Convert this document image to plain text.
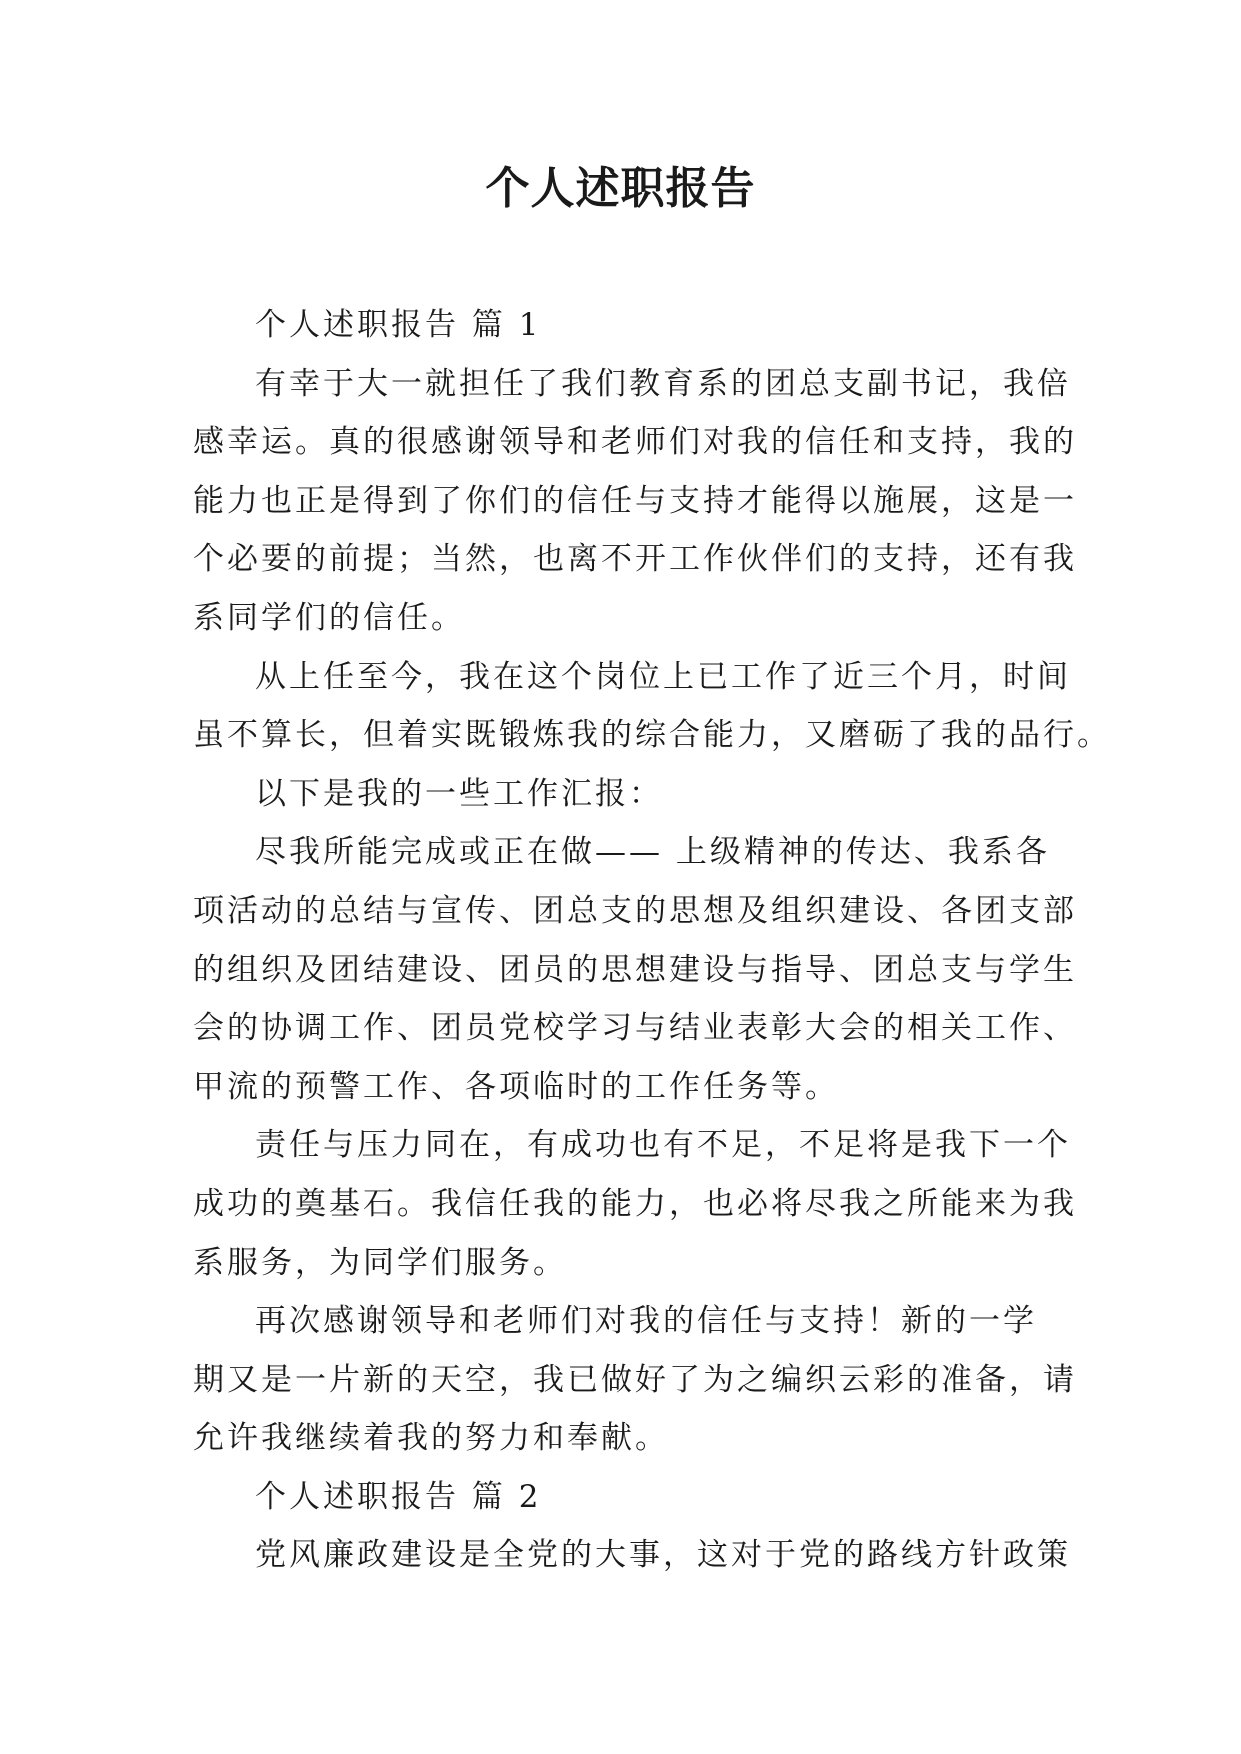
个人述职报告
个人述职报告 篇 1
有幸于大一就担任了我们教育系的团总支副书记，我倍
感幸运。真的很感谢领导和老师们对我的信任和支持，我的
能力也正是得到了你们的信任与支持才能得以施展，这是一
个必要的前提；当然，也离不开工作伙伴们的支持，还有我
系同学们的信任。
从上任至今，我在这个岗位上已工作了近三个月，时间
虽不算长，但着实既锻炼我的综合能力，又磨砺了我的品行。
以下是我的一些工作汇报：
尽我所能完成或正在做—— 上级精神的传达、我系各
项活动的总结与宣传、团总支的思想及组织建设、各团支部
的组织及团结建设、团员的思想建设与指导、团总支与学生
会的协调工作、团员党校学习与结业表彰大会的相关工作、
甲流的预警工作、各项临时的工作任务等。
责任与压力同在，有成功也有不足，不足将是我下一个
成功的奠基石。我信任我的能力，也必将尽我之所能来为我
系服务，为同学们服务。
再次感谢领导和老师们对我的信任与支持！新的一学
期又是一片新的天空，我已做好了为之编织云彩的准备，请
允许我继续着我的努力和奉献。
个人述职报告 篇 2
党风廉政建设是全党的大事，这对于党的路线方针政策
